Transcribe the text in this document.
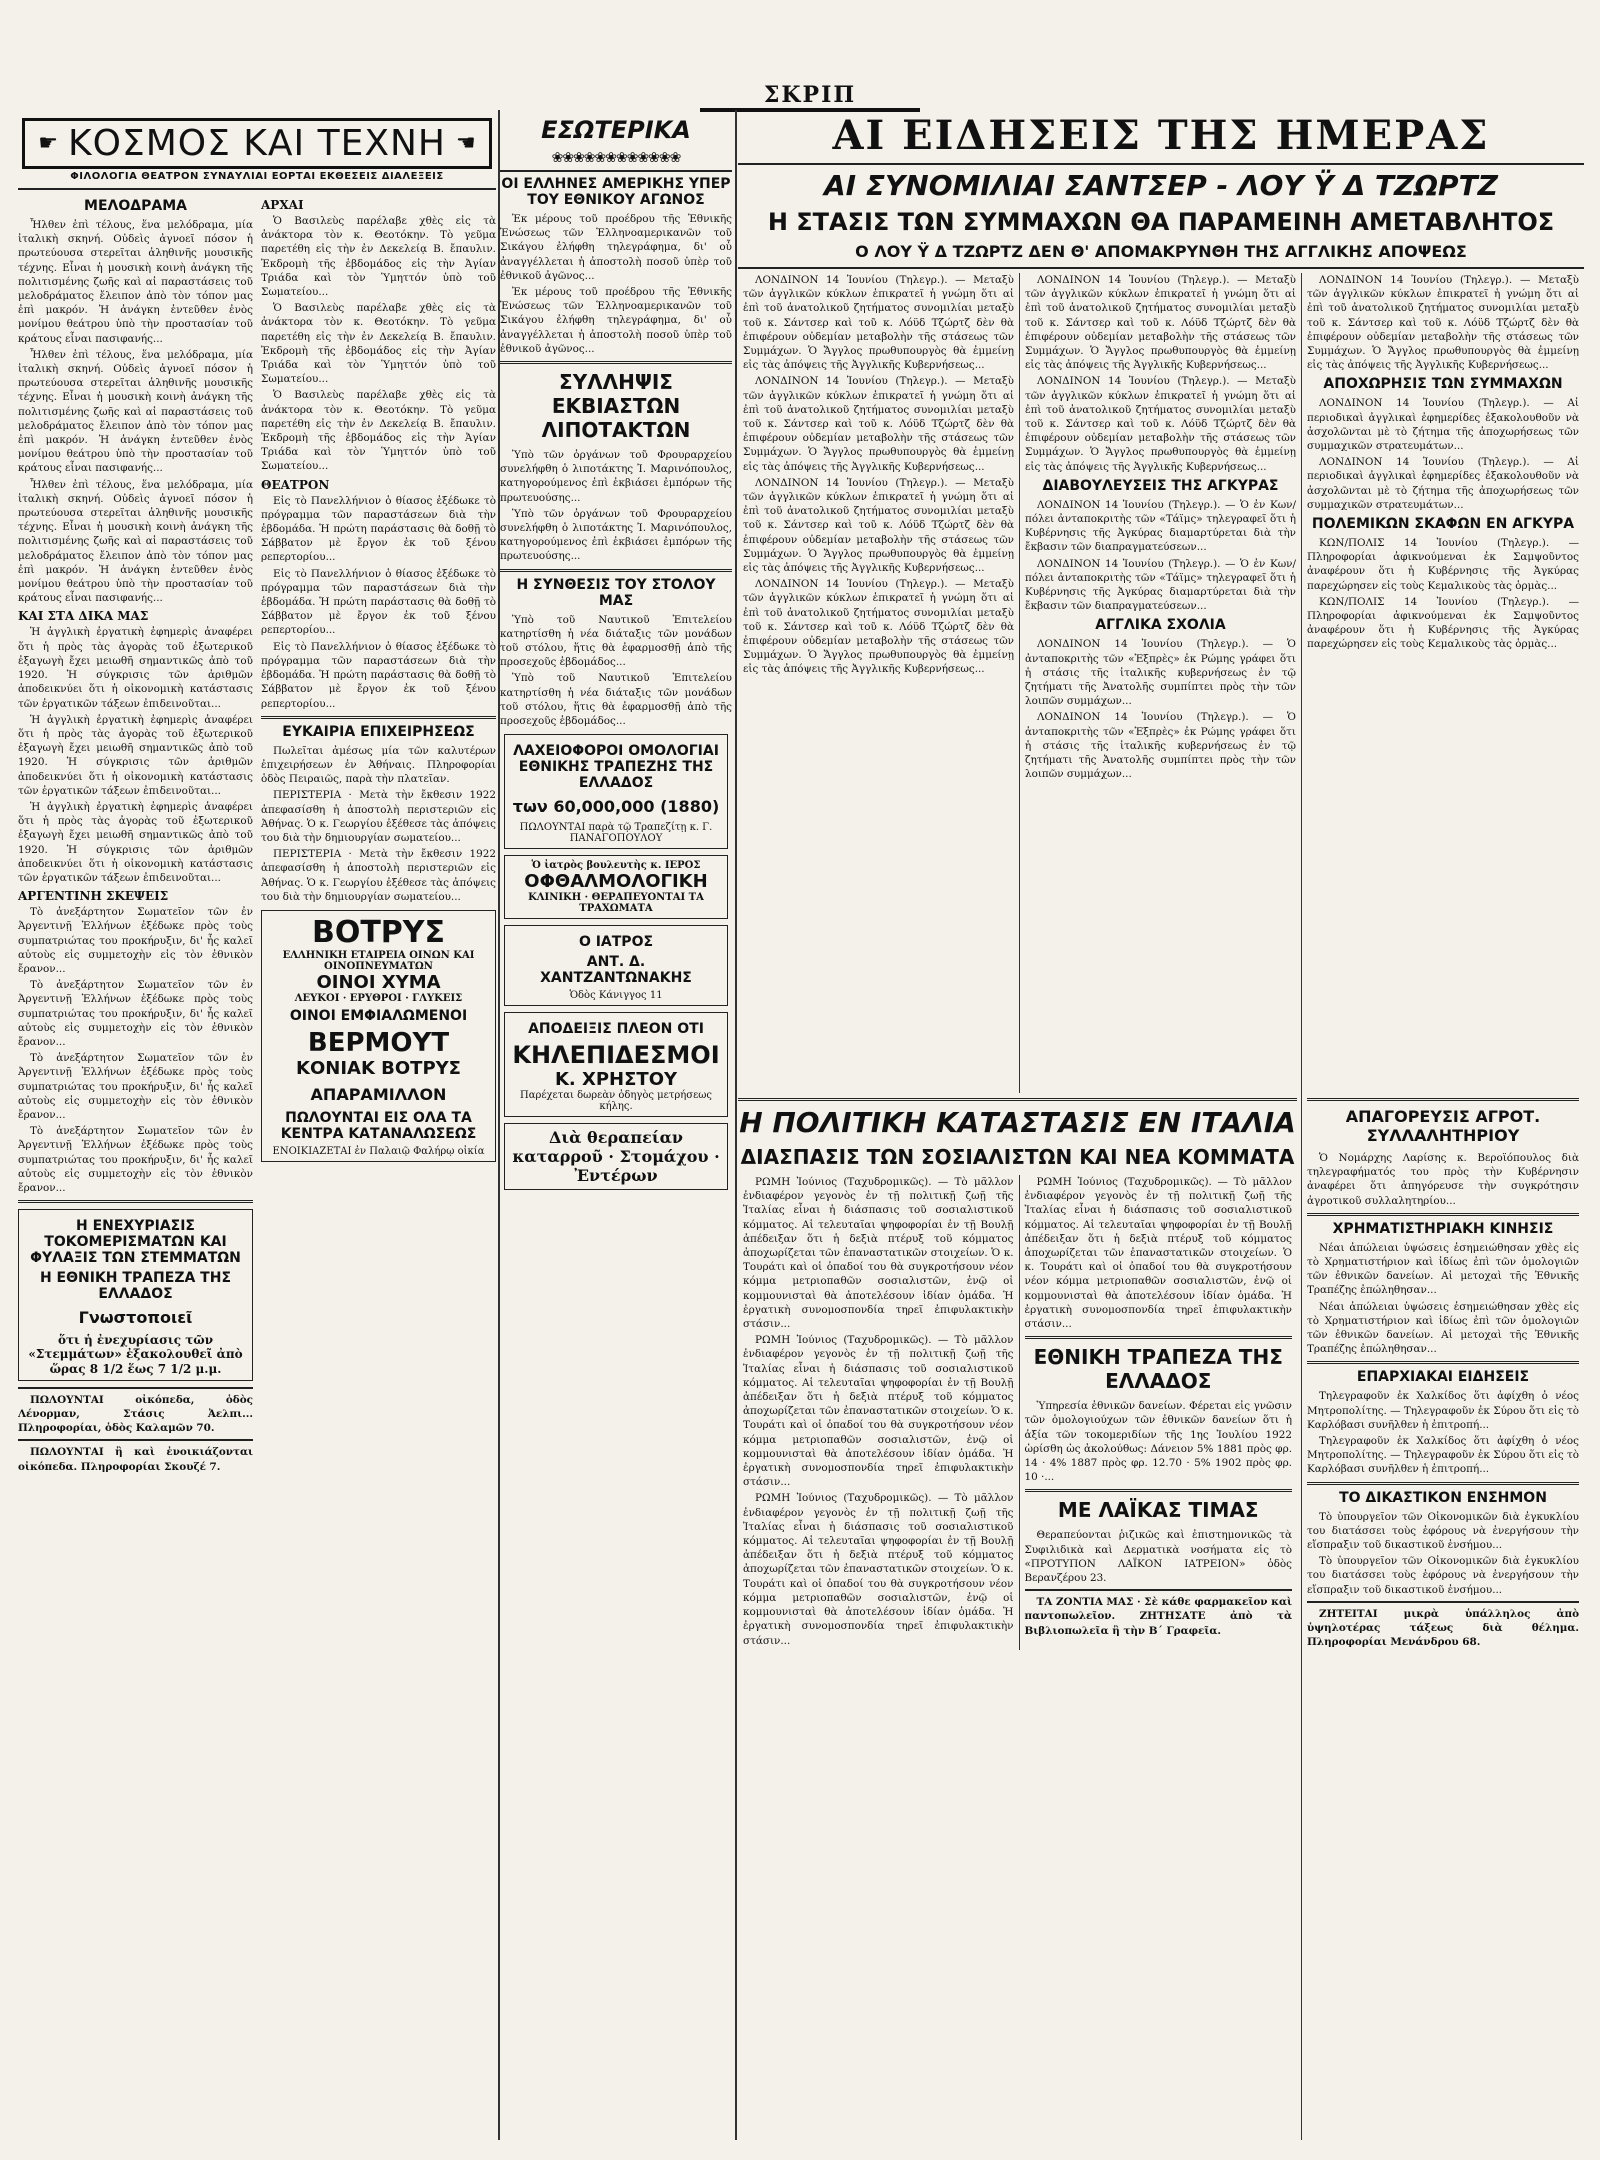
ΣΚΡΙΠ
☛ ΚΟΣΜΟΣ ΚΑΙ ΤΕΧΝΗ ☚
ΦΙΛΟΛΟΓΙΑ ΘΕΑΤΡΟΝ ΣΥΝΑΥΛΙΑΙ ΕΟΡΤΑΙ ΕΚΘΕΣΕΙΣ ΔΙΑΛΕΞΕΙΣ
ΜΕΛΟΔΡΑΜΑ

Ἦλθεν ἐπὶ τέλους, ἕνα μελόδραμα, μία ἰταλικὴ σκηνή. Οὐδεὶς ἀγνοεῖ πόσον ἡ πρωτεύουσα στερεῖται ἀληθινῆς μουσικῆς τέχνης. Εἶναι ἡ μουσικὴ κοινὴ ἀνάγκη τῆς πολιτισμένης ζωῆς καὶ αἱ παραστάσεις τοῦ μελοδράματος ἔλειπον ἀπὸ τὸν τόπον μας ἐπὶ μακρόν. Ἡ ἀνάγκη ἐντεῦθεν ἐνὸς μονίμου θεάτρου ὑπὸ τὴν προστασίαν τοῦ κράτους εἶναι πασιφανής...

Ἦλθεν ἐπὶ τέλους, ἕνα μελόδραμα, μία ἰταλικὴ σκηνή. Οὐδεὶς ἀγνοεῖ πόσον ἡ πρωτεύουσα στερεῖται ἀληθινῆς μουσικῆς τέχνης. Εἶναι ἡ μουσικὴ κοινὴ ἀνάγκη τῆς πολιτισμένης ζωῆς καὶ αἱ παραστάσεις τοῦ μελοδράματος ἔλειπον ἀπὸ τὸν τόπον μας ἐπὶ μακρόν. Ἡ ἀνάγκη ἐντεῦθεν ἐνὸς μονίμου θεάτρου ὑπὸ τὴν προστασίαν τοῦ κράτους εἶναι πασιφανής...

Ἦλθεν ἐπὶ τέλους, ἕνα μελόδραμα, μία ἰταλικὴ σκηνή. Οὐδεὶς ἀγνοεῖ πόσον ἡ πρωτεύουσα στερεῖται ἀληθινῆς μουσικῆς τέχνης. Εἶναι ἡ μουσικὴ κοινὴ ἀνάγκη τῆς πολιτισμένης ζωῆς καὶ αἱ παραστάσεις τοῦ μελοδράματος ἔλειπον ἀπὸ τὸν τόπον μας ἐπὶ μακρόν. Ἡ ἀνάγκη ἐντεῦθεν ἐνὸς μονίμου θεάτρου ὑπὸ τὴν προστασίαν τοῦ κράτους εἶναι πασιφανής...

ΚΑΙ ΣΤΑ ΔΙΚΑ ΜΑΣ

Ἡ ἀγγλικὴ ἐργατικὴ ἐφημερὶς ἀναφέρει ὅτι ἡ πρὸς τὰς ἀγορὰς τοῦ ἐξωτερικοῦ ἐξαγωγὴ ἔχει μειωθῆ σημαντικῶς ἀπὸ τοῦ 1920. Ἡ σύγκρισις τῶν ἀριθμῶν ἀποδεικνύει ὅτι ἡ οἰκονομικὴ κατάστασις τῶν ἐργατικῶν τάξεων ἐπιδεινοῦται...

Ἡ ἀγγλικὴ ἐργατικὴ ἐφημερὶς ἀναφέρει ὅτι ἡ πρὸς τὰς ἀγορὰς τοῦ ἐξωτερικοῦ ἐξαγωγὴ ἔχει μειωθῆ σημαντικῶς ἀπὸ τοῦ 1920. Ἡ σύγκρισις τῶν ἀριθμῶν ἀποδεικνύει ὅτι ἡ οἰκονομικὴ κατάστασις τῶν ἐργατικῶν τάξεων ἐπιδεινοῦται...

Ἡ ἀγγλικὴ ἐργατικὴ ἐφημερὶς ἀναφέρει ὅτι ἡ πρὸς τὰς ἀγορὰς τοῦ ἐξωτερικοῦ ἐξαγωγὴ ἔχει μειωθῆ σημαντικῶς ἀπὸ τοῦ 1920. Ἡ σύγκρισις τῶν ἀριθμῶν ἀποδεικνύει ὅτι ἡ οἰκονομικὴ κατάστασις τῶν ἐργατικῶν τάξεων ἐπιδεινοῦται...

ΑΡΓΕΝΤΙΝΗ ΣΚΕΨΕΙΣ

Τὸ ἀνεξάρτητον Σωματεῖον τῶν ἐν Ἀργεντινῇ Ἑλλήνων ἐξέδωκε πρὸς τοὺς συμπατριώτας του προκήρυξιν, δι' ἧς καλεῖ αὐτοὺς εἰς συμμετοχὴν εἰς τὸν ἐθνικὸν ἔρανον...

Τὸ ἀνεξάρτητον Σωματεῖον τῶν ἐν Ἀργεντινῇ Ἑλλήνων ἐξέδωκε πρὸς τοὺς συμπατριώτας του προκήρυξιν, δι' ἧς καλεῖ αὐτοὺς εἰς συμμετοχὴν εἰς τὸν ἐθνικὸν ἔρανον...

Τὸ ἀνεξάρτητον Σωματεῖον τῶν ἐν Ἀργεντινῇ Ἑλλήνων ἐξέδωκε πρὸς τοὺς συμπατριώτας του προκήρυξιν, δι' ἧς καλεῖ αὐτοὺς εἰς συμμετοχὴν εἰς τὸν ἐθνικὸν ἔρανον...

Τὸ ἀνεξάρτητον Σωματεῖον τῶν ἐν Ἀργεντινῇ Ἑλλήνων ἐξέδωκε πρὸς τοὺς συμπατριώτας του προκήρυξιν, δι' ἧς καλεῖ αὐτοὺς εἰς συμμετοχὴν εἰς τὸν ἐθνικὸν ἔρανον...

Η ΕΝΕΧΥΡΙΑΣΙΣ ΤΟΚΟΜΕΡΙΣΜΑΤΩΝ ΚΑΙ ΦΥΛΑΞΙΣ ΤΩΝ ΣΤΕΜΜΑΤΩΝ
Η ΕΘΝΙΚΗ ΤΡΑΠΕΖΑ ΤΗΣ ΕΛΛΑΔΟΣ
Γνωστοποιεῖ
ὅτι ἡ ἐνεχυρίασις τῶν «Στεμμάτων» ἐξακολουθεῖ ἀπὸ ὥρας 8 1/2 ἕως 7 1/2 μ.μ.

ΠΩΛΟΥΝΤΑΙ οἰκόπεδα, ὁδὸς Λένορμαν, Στάσις Ἀελπι... Πληροφορίαι, ὁδὸς Καλαμῶν 70.

ΠΩΛΟΥΝΤΑΙ ἢ καὶ ἐνοικιάζονται οἰκόπεδα. Πληροφορίαι Σκουζέ 7.

ΑΡΧΑΙ

Ὁ Βασιλεὺς παρέλαβε χθὲς εἰς τὰ ἀνάκτορα τὸν κ. Θεοτόκην. Τὸ γεῦμα παρετέθη εἰς τὴν ἐν Δεκελείᾳ Β. ἔπαυλιν. Ἐκδρομὴ τῆς ἑβδομάδος εἰς τὴν Ἀγίαν Τριάδα καὶ τὸν Ὑμηττόν ὑπὸ τοῦ Σωματείου...

Ὁ Βασιλεὺς παρέλαβε χθὲς εἰς τὰ ἀνάκτορα τὸν κ. Θεοτόκην. Τὸ γεῦμα παρετέθη εἰς τὴν ἐν Δεκελείᾳ Β. ἔπαυλιν. Ἐκδρομὴ τῆς ἑβδομάδος εἰς τὴν Ἀγίαν Τριάδα καὶ τὸν Ὑμηττόν ὑπὸ τοῦ Σωματείου...

Ὁ Βασιλεὺς παρέλαβε χθὲς εἰς τὰ ἀνάκτορα τὸν κ. Θεοτόκην. Τὸ γεῦμα παρετέθη εἰς τὴν ἐν Δεκελείᾳ Β. ἔπαυλιν. Ἐκδρομὴ τῆς ἑβδομάδος εἰς τὴν Ἀγίαν Τριάδα καὶ τὸν Ὑμηττόν ὑπὸ τοῦ Σωματείου...

ΘΕΑΤΡΟΝ

Εἰς τὸ Πανελλήνιον ὁ θίασος ἐξέδωκε τὸ πρόγραμμα τῶν παραστάσεων διὰ τὴν ἑβδομάδα. Ἡ πρώτη παράστασις θὰ δοθῇ τὸ Σάββατον μὲ ἔργον ἐκ τοῦ ξένου ρεπερτορίου...

Εἰς τὸ Πανελλήνιον ὁ θίασος ἐξέδωκε τὸ πρόγραμμα τῶν παραστάσεων διὰ τὴν ἑβδομάδα. Ἡ πρώτη παράστασις θὰ δοθῇ τὸ Σάββατον μὲ ἔργον ἐκ τοῦ ξένου ρεπερτορίου...

Εἰς τὸ Πανελλήνιον ὁ θίασος ἐξέδωκε τὸ πρόγραμμα τῶν παραστάσεων διὰ τὴν ἑβδομάδα. Ἡ πρώτη παράστασις θὰ δοθῇ τὸ Σάββατον μὲ ἔργον ἐκ τοῦ ξένου ρεπερτορίου...

ΕΥΚΑΙΡΙΑ ΕΠΙΧΕΙΡΗΣΕΩΣ

Πωλεῖται ἀμέσως μία τῶν καλυτέρων ἐπιχειρήσεων ἐν Ἀθήναις. Πληροφορίαι ὁδὸς Πειραιῶς, παρὰ τὴν πλατεῖαν.

ΠΕΡΙΣΤΕΡΙΑ · Μετὰ τὴν ἔκθεσιν 1922 ἀπεφασίσθη ἡ ἀποστολὴ περιστεριῶν εἰς Ἀθήνας. Ὁ κ. Γεωργίου ἐξέθεσε τὰς ἀπόψεις του διὰ τὴν δημιουργίαν σωματείου...

ΠΕΡΙΣΤΕΡΙΑ · Μετὰ τὴν ἔκθεσιν 1922 ἀπεφασίσθη ἡ ἀποστολὴ περιστεριῶν εἰς Ἀθήνας. Ὁ κ. Γεωργίου ἐξέθεσε τὰς ἀπόψεις του διὰ τὴν δημιουργίαν σωματείου...

ΒΟΤΡΥΣ
ΕΛΛΗΝΙΚΗ ΕΤΑΙΡΕΙΑ ΟΙΝΩΝ ΚΑΙ ΟΙΝΟΠΝΕΥΜΑΤΩΝ
ΟΙΝΟΙ ΧΥΜΑ
ΛΕΥΚΟΙ · ΕΡΥΘΡΟΙ · ΓΛΥΚΕΙΣ
ΟΙΝΟΙ ΕΜΦΙΑΛΩΜΕΝΟΙ
ΒΕΡΜΟΥΤ
ΚΟΝΙΑΚ ΒΟΤΡΥΣ
ΑΠΑΡΑΜΙΛΛΟΝ
ΠΩΛΟΥΝΤΑΙ ΕΙΣ ΟΛΑ ΤΑ ΚΕΝΤΡΑ ΚΑΤΑΝΑΛΩΣΕΩΣ
ΕΝΟΙΚΙΑΖΕΤΑΙ ἐν Παλαιῷ Φαλήρῳ οἰκία
ΕΣΩΤΕΡΙΚΑ
❀❀❀❀❀❀❀❀❀❀❀❀
ΟΙ ΕΛΛΗΝΕΣ ΑΜΕΡΙΚΗΣ ΥΠΕΡ ΤΟΥ ΕΘΝΙΚΟΥ ΑΓΩΝΟΣ

Ἐκ μέρους τοῦ προέδρου τῆς Ἐθνικῆς Ἑνώσεως τῶν Ἑλληνοαμερικανῶν τοῦ Σικάγου ἐλήφθη τηλεγράφημα, δι' οὗ ἀναγγέλλεται ἡ ἀποστολὴ ποσοῦ ὑπὲρ τοῦ ἐθνικοῦ ἀγῶνος...

Ἐκ μέρους τοῦ προέδρου τῆς Ἐθνικῆς Ἑνώσεως τῶν Ἑλληνοαμερικανῶν τοῦ Σικάγου ἐλήφθη τηλεγράφημα, δι' οὗ ἀναγγέλλεται ἡ ἀποστολὴ ποσοῦ ὑπὲρ τοῦ ἐθνικοῦ ἀγῶνος...

ΣΥΛΛΗΨΙΣ ΕΚΒΙΑΣΤΩΝ ΛΙΠΟΤΑΚΤΩΝ

Ὑπὸ τῶν ὀργάνων τοῦ Φρουραρχείου συνελήφθη ὁ λιποτάκτης Ἰ. Μαρινόπουλος, κατηγορούμενος ἐπὶ ἐκβιάσει ἐμπόρων τῆς πρωτευούσης...

Ὑπὸ τῶν ὀργάνων τοῦ Φρουραρχείου συνελήφθη ὁ λιποτάκτης Ἰ. Μαρινόπουλος, κατηγορούμενος ἐπὶ ἐκβιάσει ἐμπόρων τῆς πρωτευούσης...

Η ΣΥΝΘΕΣΙΣ ΤΟΥ ΣΤΟΛΟΥ ΜΑΣ

Ὑπὸ τοῦ Ναυτικοῦ Ἐπιτελείου κατηρτίσθη ἡ νέα διάταξις τῶν μονάδων τοῦ στόλου, ἥτις θὰ ἐφαρμοσθῇ ἀπὸ τῆς προσεχοῦς ἑβδομάδος...

Ὑπὸ τοῦ Ναυτικοῦ Ἐπιτελείου κατηρτίσθη ἡ νέα διάταξις τῶν μονάδων τοῦ στόλου, ἥτις θὰ ἐφαρμοσθῇ ἀπὸ τῆς προσεχοῦς ἑβδομάδος...

ΛΑΧΕΙΟΦΟΡΟΙ ΟΜΟΛΟΓΙΑΙ ΕΘΝΙΚΗΣ ΤΡΑΠΕΖΗΣ ΤΗΣ ΕΛΛΑΔΟΣ
των 60,000,000 (1880)
ΠΩΛΟΥΝΤΑΙ παρὰ τῷ Τραπεζίτῃ κ. Γ. ΠΑΝΑΓΟΠΟΥΛΟΥ
Ὁ ἰατρὸς βουλευτὴς κ. ΙΕΡΟΣ
ΟΦΘΑΛΜΟΛΟΓΙΚΗ
ΚΛΙΝΙΚΗ · ΘΕΡΑΠΕΥΟΝΤΑΙ ΤΑ ΤΡΑΧΩΜΑΤΑ
Ο ΙΑΤΡΟΣ
ΑΝΤ. Δ. ΧΑΝΤΖΑΝΤΩΝΑΚΗΣ
Ὁδὸς Κάνιγγος 11
ΑΠΟΔΕΙΞΙΣ ΠΛΕΟΝ ΟΤΙ
ΚΗΛΕΠΙΔΕΣΜΟΙ
Κ. ΧΡΗΣΤΟΥ
Παρέχεται δωρεὰν ὁδηγὸς μετρήσεως κήλης.
Διὰ θεραπείαν καταρροῦ · Στομάχου · Ἐντέρων
ΑΙ ΕΙΔΗΣΕΙΣ ΤΗΣ ΗΜΕΡΑΣ
ΑΙ ΣΥΝΟΜΙΛΙΑΙ ΣΑΝΤΣΕΡ - ΛΟΥ Ϋ Δ ΤΖΩΡΤΖ
Η ΣΤΑΣΙΣ ΤΩΝ ΣΥΜΜΑΧΩΝ ΘΑ ΠΑΡΑΜΕΙΝΗ ΑΜΕΤΑΒΛΗΤΟΣ
Ο ΛΟΥ Ϋ Δ ΤΖΩΡΤΖ ΔΕΝ Θ' ΑΠΟΜΑΚΡΥΝΘΗ ΤΗΣ ΑΓΓΛΙΚΗΣ ΑΠΟΨΕΩΣ

ΛΟΝΔΙΝΟΝ 14 Ἰουνίου (Τηλεγρ.). — Μεταξὺ τῶν ἀγγλικῶν κύκλων ἐπικρατεῖ ἡ γνώμη ὅτι αἱ ἐπὶ τοῦ ἀνατολικοῦ ζητήματος συνομιλίαι μεταξὺ τοῦ κ. Σάντσερ καὶ τοῦ κ. Λόϋδ Τζώρτζ δὲν θὰ ἐπιφέρουν οὐδεμίαν μεταβολὴν τῆς στάσεως τῶν Συμμάχων. Ὁ Ἄγγλος πρωθυπουργὸς θὰ ἐμμείνῃ εἰς τὰς ἀπόψεις τῆς Ἀγγλικῆς Κυβερνήσεως...

ΛΟΝΔΙΝΟΝ 14 Ἰουνίου (Τηλεγρ.). — Μεταξὺ τῶν ἀγγλικῶν κύκλων ἐπικρατεῖ ἡ γνώμη ὅτι αἱ ἐπὶ τοῦ ἀνατολικοῦ ζητήματος συνομιλίαι μεταξὺ τοῦ κ. Σάντσερ καὶ τοῦ κ. Λόϋδ Τζώρτζ δὲν θὰ ἐπιφέρουν οὐδεμίαν μεταβολὴν τῆς στάσεως τῶν Συμμάχων. Ὁ Ἄγγλος πρωθυπουργὸς θὰ ἐμμείνῃ εἰς τὰς ἀπόψεις τῆς Ἀγγλικῆς Κυβερνήσεως...

ΛΟΝΔΙΝΟΝ 14 Ἰουνίου (Τηλεγρ.). — Μεταξὺ τῶν ἀγγλικῶν κύκλων ἐπικρατεῖ ἡ γνώμη ὅτι αἱ ἐπὶ τοῦ ἀνατολικοῦ ζητήματος συνομιλίαι μεταξὺ τοῦ κ. Σάντσερ καὶ τοῦ κ. Λόϋδ Τζώρτζ δὲν θὰ ἐπιφέρουν οὐδεμίαν μεταβολὴν τῆς στάσεως τῶν Συμμάχων. Ὁ Ἄγγλος πρωθυπουργὸς θὰ ἐμμείνῃ εἰς τὰς ἀπόψεις τῆς Ἀγγλικῆς Κυβερνήσεως...

ΛΟΝΔΙΝΟΝ 14 Ἰουνίου (Τηλεγρ.). — Μεταξὺ τῶν ἀγγλικῶν κύκλων ἐπικρατεῖ ἡ γνώμη ὅτι αἱ ἐπὶ τοῦ ἀνατολικοῦ ζητήματος συνομιλίαι μεταξὺ τοῦ κ. Σάντσερ καὶ τοῦ κ. Λόϋδ Τζώρτζ δὲν θὰ ἐπιφέρουν οὐδεμίαν μεταβολὴν τῆς στάσεως τῶν Συμμάχων. Ὁ Ἄγγλος πρωθυπουργὸς θὰ ἐμμείνῃ εἰς τὰς ἀπόψεις τῆς Ἀγγλικῆς Κυβερνήσεως...

ΛΟΝΔΙΝΟΝ 14 Ἰουνίου (Τηλεγρ.). — Μεταξὺ τῶν ἀγγλικῶν κύκλων ἐπικρατεῖ ἡ γνώμη ὅτι αἱ ἐπὶ τοῦ ἀνατολικοῦ ζητήματος συνομιλίαι μεταξὺ τοῦ κ. Σάντσερ καὶ τοῦ κ. Λόϋδ Τζώρτζ δὲν θὰ ἐπιφέρουν οὐδεμίαν μεταβολὴν τῆς στάσεως τῶν Συμμάχων. Ὁ Ἄγγλος πρωθυπουργὸς θὰ ἐμμείνῃ εἰς τὰς ἀπόψεις τῆς Ἀγγλικῆς Κυβερνήσεως...

ΛΟΝΔΙΝΟΝ 14 Ἰουνίου (Τηλεγρ.). — Μεταξὺ τῶν ἀγγλικῶν κύκλων ἐπικρατεῖ ἡ γνώμη ὅτι αἱ ἐπὶ τοῦ ἀνατολικοῦ ζητήματος συνομιλίαι μεταξὺ τοῦ κ. Σάντσερ καὶ τοῦ κ. Λόϋδ Τζώρτζ δὲν θὰ ἐπιφέρουν οὐδεμίαν μεταβολὴν τῆς στάσεως τῶν Συμμάχων. Ὁ Ἄγγλος πρωθυπουργὸς θὰ ἐμμείνῃ εἰς τὰς ἀπόψεις τῆς Ἀγγλικῆς Κυβερνήσεως...

ΔΙΑΒΟΥΛΕΥΣΕΙΣ ΤΗΣ ΑΓΚΥΡΑΣ

ΛΟΝΔΙΝΟΝ 14 Ἰουνίου (Τηλεγρ.). — Ὁ ἐν Κων/πόλει ἀνταποκριτὴς τῶν «Τάϊμς» τηλεγραφεῖ ὅτι ἡ Κυβέρνησις τῆς Ἀγκύρας διαμαρτύρεται διὰ τὴν ἔκβασιν τῶν διαπραγματεύσεων...

ΛΟΝΔΙΝΟΝ 14 Ἰουνίου (Τηλεγρ.). — Ὁ ἐν Κων/πόλει ἀνταποκριτὴς τῶν «Τάϊμς» τηλεγραφεῖ ὅτι ἡ Κυβέρνησις τῆς Ἀγκύρας διαμαρτύρεται διὰ τὴν ἔκβασιν τῶν διαπραγματεύσεων...

ΑΓΓΛΙΚΑ ΣΧΟΛΙΑ

ΛΟΝΔΙΝΟΝ 14 Ἰουνίου (Τηλεγρ.). — Ὁ ἀνταποκριτὴς τῶν «Ἐξπρὲς» ἐκ Ρώμης γράφει ὅτι ἡ στάσις τῆς ἰταλικῆς κυβερνήσεως ἐν τῷ ζητήματι τῆς Ἀνατολῆς συμπίπτει πρὸς τὴν τῶν λοιπῶν συμμάχων...

ΛΟΝΔΙΝΟΝ 14 Ἰουνίου (Τηλεγρ.). — Ὁ ἀνταποκριτὴς τῶν «Ἐξπρὲς» ἐκ Ρώμης γράφει ὅτι ἡ στάσις τῆς ἰταλικῆς κυβερνήσεως ἐν τῷ ζητήματι τῆς Ἀνατολῆς συμπίπτει πρὸς τὴν τῶν λοιπῶν συμμάχων...

ΛΟΝΔΙΝΟΝ 14 Ἰουνίου (Τηλεγρ.). — Μεταξὺ τῶν ἀγγλικῶν κύκλων ἐπικρατεῖ ἡ γνώμη ὅτι αἱ ἐπὶ τοῦ ἀνατολικοῦ ζητήματος συνομιλίαι μεταξὺ τοῦ κ. Σάντσερ καὶ τοῦ κ. Λόϋδ Τζώρτζ δὲν θὰ ἐπιφέρουν οὐδεμίαν μεταβολὴν τῆς στάσεως τῶν Συμμάχων. Ὁ Ἄγγλος πρωθυπουργὸς θὰ ἐμμείνῃ εἰς τὰς ἀπόψεις τῆς Ἀγγλικῆς Κυβερνήσεως...

ΑΠΟΧΩΡΗΣΙΣ ΤΩΝ ΣΥΜΜΑΧΩΝ

ΛΟΝΔΙΝΟΝ 14 Ἰουνίου (Τηλεγρ.). — Αἱ περιοδικαὶ ἀγγλικαὶ ἐφημερίδες ἐξακολουθοῦν νὰ ἀσχολῶνται μὲ τὸ ζήτημα τῆς ἀποχωρήσεως τῶν συμμαχικῶν στρατευμάτων...

ΛΟΝΔΙΝΟΝ 14 Ἰουνίου (Τηλεγρ.). — Αἱ περιοδικαὶ ἀγγλικαὶ ἐφημερίδες ἐξακολουθοῦν νὰ ἀσχολῶνται μὲ τὸ ζήτημα τῆς ἀποχωρήσεως τῶν συμμαχικῶν στρατευμάτων...

ΠΟΛΕΜΙΚΩΝ ΣΚΑΦΩΝ ΕΝ ΑΓΚΥΡΑ

ΚΩΝ/ΠΟΛΙΣ 14 Ἰουνίου (Τηλεγρ.). — Πληροφορίαι ἀφικνούμεναι ἐκ Σαμψοῦντος ἀναφέρουν ὅτι ἡ Κυβέρνησις τῆς Ἀγκύρας παρεχώρησεν εἰς τοὺς Κεμαλικοὺς τὰς ὁρμὰς...

ΚΩΝ/ΠΟΛΙΣ 14 Ἰουνίου (Τηλεγρ.). — Πληροφορίαι ἀφικνούμεναι ἐκ Σαμψοῦντος ἀναφέρουν ὅτι ἡ Κυβέρνησις τῆς Ἀγκύρας παρεχώρησεν εἰς τοὺς Κεμαλικοὺς τὰς ὁρμὰς...

Η ΠΟΛΙΤΙΚΗ ΚΑΤΑΣΤΑΣΙΣ ΕΝ ΙΤΑΛΙΑ
ΔΙΑΣΠΑΣΙΣ ΤΩΝ ΣΟΣΙΑΛΙΣΤΩΝ ΚΑΙ ΝΕΑ ΚΟΜΜΑΤΑ

ΡΩΜΗ Ἰούνιος (Ταχυδρομικῶς). — Τὸ μᾶλλον ἐνδιαφέρον γεγονὸς ἐν τῇ πολιτικῇ ζωῇ τῆς Ἰταλίας εἶναι ἡ διάσπασις τοῦ σοσιαλιστικοῦ κόμματος. Αἱ τελευταῖαι ψηφοφορίαι ἐν τῇ Βουλῇ ἀπέδειξαν ὅτι ἡ δεξιὰ πτέρυξ τοῦ κόμματος ἀποχωρίζεται τῶν ἐπαναστατικῶν στοιχείων. Ὁ κ. Τουράτι καὶ οἱ ὀπαδοί του θὰ συγκροτήσουν νέον κόμμα μετριοπαθῶν σοσιαλιστῶν, ἐνῷ οἱ κομμουνισταὶ θὰ ἀποτελέσουν ἰδίαν ὁμάδα. Ἡ ἐργατικὴ συνομοσπονδία τηρεῖ ἐπιφυλακτικὴν στάσιν...

ΡΩΜΗ Ἰούνιος (Ταχυδρομικῶς). — Τὸ μᾶλλον ἐνδιαφέρον γεγονὸς ἐν τῇ πολιτικῇ ζωῇ τῆς Ἰταλίας εἶναι ἡ διάσπασις τοῦ σοσιαλιστικοῦ κόμματος. Αἱ τελευταῖαι ψηφοφορίαι ἐν τῇ Βουλῇ ἀπέδειξαν ὅτι ἡ δεξιὰ πτέρυξ τοῦ κόμματος ἀποχωρίζεται τῶν ἐπαναστατικῶν στοιχείων. Ὁ κ. Τουράτι καὶ οἱ ὀπαδοί του θὰ συγκροτήσουν νέον κόμμα μετριοπαθῶν σοσιαλιστῶν, ἐνῷ οἱ κομμουνισταὶ θὰ ἀποτελέσουν ἰδίαν ὁμάδα. Ἡ ἐργατικὴ συνομοσπονδία τηρεῖ ἐπιφυλακτικὴν στάσιν...

ΡΩΜΗ Ἰούνιος (Ταχυδρομικῶς). — Τὸ μᾶλλον ἐνδιαφέρον γεγονὸς ἐν τῇ πολιτικῇ ζωῇ τῆς Ἰταλίας εἶναι ἡ διάσπασις τοῦ σοσιαλιστικοῦ κόμματος. Αἱ τελευταῖαι ψηφοφορίαι ἐν τῇ Βουλῇ ἀπέδειξαν ὅτι ἡ δεξιὰ πτέρυξ τοῦ κόμματος ἀποχωρίζεται τῶν ἐπαναστατικῶν στοιχείων. Ὁ κ. Τουράτι καὶ οἱ ὀπαδοί του θὰ συγκροτήσουν νέον κόμμα μετριοπαθῶν σοσιαλιστῶν, ἐνῷ οἱ κομμουνισταὶ θὰ ἀποτελέσουν ἰδίαν ὁμάδα. Ἡ ἐργατικὴ συνομοσπονδία τηρεῖ ἐπιφυλακτικὴν στάσιν...

ΡΩΜΗ Ἰούνιος (Ταχυδρομικῶς). — Τὸ μᾶλλον ἐνδιαφέρον γεγονὸς ἐν τῇ πολιτικῇ ζωῇ τῆς Ἰταλίας εἶναι ἡ διάσπασις τοῦ σοσιαλιστικοῦ κόμματος. Αἱ τελευταῖαι ψηφοφορίαι ἐν τῇ Βουλῇ ἀπέδειξαν ὅτι ἡ δεξιὰ πτέρυξ τοῦ κόμματος ἀποχωρίζεται τῶν ἐπαναστατικῶν στοιχείων. Ὁ κ. Τουράτι καὶ οἱ ὀπαδοί του θὰ συγκροτήσουν νέον κόμμα μετριοπαθῶν σοσιαλιστῶν, ἐνῷ οἱ κομμουνισταὶ θὰ ἀποτελέσουν ἰδίαν ὁμάδα. Ἡ ἐργατικὴ συνομοσπονδία τηρεῖ ἐπιφυλακτικὴν στάσιν...

ΕΘΝΙΚΗ ΤΡΑΠΕΖΑ ΤΗΣ ΕΛΛΑΔΟΣ

Ὑπηρεσία ἐθνικῶν δανείων. Φέρεται εἰς γνῶσιν τῶν ὁμολογιούχων τῶν ἐθνικῶν δανείων ὅτι ἡ ἀξία τῶν τοκομεριδίων τῆς 1ης Ἰουλίου 1922 ὡρίσθη ὡς ἀκολούθως: Δάνειον 5% 1881 πρὸς φρ. 14 · 4% 1887 πρὸς φρ. 12.70 · 5% 1902 πρὸς φρ. 10 ·...

ΜΕ ΛΑΪΚΑΣ ΤΙΜΑΣ

Θεραπεύονται ῥιζικῶς καὶ ἐπιστημονικῶς τὰ Συφιλιδικὰ καὶ Δερματικὰ νοσήματα εἰς τὸ «ΠΡΟΤΥΠΟΝ ΛΑΪΚΟΝ ΙΑΤΡΕΙΟΝ» ὁδὸς Βερανζέρου 23.

ΤΑ ΖΟΝΤΙΑ ΜΑΣ · Σὲ κάθε φαρμακεῖον καὶ παντοπωλεῖον. ΖΗΤΗΣΑΤΕ ἀπὸ τὰ Βιβλιοπωλεῖα ἢ τὴν Β΄ Γραφεῖα.

ΑΠΑΓΟΡΕΥΣΙΣ ΑΓΡΟΤ. ΣΥΛΛΑΛΗΤΗΡΙΟΥ

Ὁ Νομάρχης Λαρίσης κ. Βεροϊόπουλος διὰ τηλεγραφήματός του πρὸς τὴν Κυβέρνησιν ἀναφέρει ὅτι ἀπηγόρευσε τὴν συγκρότησιν ἀγροτικοῦ συλλαλητηρίου...

ΧΡΗΜΑΤΙΣΤΗΡΙΑΚΗ ΚΙΝΗΣΙΣ

Νέαι ἀπώλειαι ὑψώσεις ἐσημειώθησαν χθὲς εἰς τὸ Χρηματιστήριον καὶ ἰδίως ἐπὶ τῶν ὁμολογιῶν τῶν ἐθνικῶν δανείων. Αἱ μετοχαὶ τῆς Ἐθνικῆς Τραπέζης ἐπώληθησαν...

Νέαι ἀπώλειαι ὑψώσεις ἐσημειώθησαν χθὲς εἰς τὸ Χρηματιστήριον καὶ ἰδίως ἐπὶ τῶν ὁμολογιῶν τῶν ἐθνικῶν δανείων. Αἱ μετοχαὶ τῆς Ἐθνικῆς Τραπέζης ἐπώληθησαν...

ΕΠΑΡΧΙΑΚΑΙ ΕΙΔΗΣΕΙΣ

Τηλεγραφοῦν ἐκ Χαλκίδος ὅτι ἀφίχθη ὁ νέος Μητροπολίτης. — Τηλεγραφοῦν ἐκ Σύρου ὅτι εἰς τὸ Καρλόβασι συνῆλθεν ἡ ἐπιτροπή...

Τηλεγραφοῦν ἐκ Χαλκίδος ὅτι ἀφίχθη ὁ νέος Μητροπολίτης. — Τηλεγραφοῦν ἐκ Σύρου ὅτι εἰς τὸ Καρλόβασι συνῆλθεν ἡ ἐπιτροπή...

ΤΟ ΔΙΚΑΣΤΙΚΟΝ ΕΝΣΗΜΟΝ

Τὸ ὑπουργεῖον τῶν Οἰκονομικῶν διὰ ἐγκυκλίου του διατάσσει τοὺς ἐφόρους νὰ ἐνεργήσουν τὴν εἴσπραξιν τοῦ δικαστικοῦ ἐνσήμου...

Τὸ ὑπουργεῖον τῶν Οἰκονομικῶν διὰ ἐγκυκλίου του διατάσσει τοὺς ἐφόρους νὰ ἐνεργήσουν τὴν εἴσπραξιν τοῦ δικαστικοῦ ἐνσήμου...

ΖΗΤΕΙΤΑΙ μικρὰ ὑπάλληλος ἀπὸ ὑψηλοτέρας τάξεως διὰ θέλημα. Πληροφορίαι Μενάνδρου 68.
